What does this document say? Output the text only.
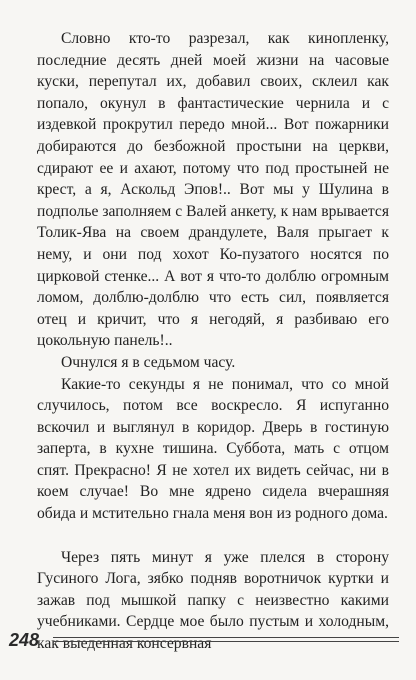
Словно кто-то разрезал, как кинопленку, последние десять дней моей жизни на часовые куски, перепутал их, добавил своих, склеил как попало, окунул в фантастические чернила и с издевкой прокрутил передо мной... Вот пожарники добираются до безбожной простыни на церкви, сдирают ее и ахают, потому что под простыней не крест, а я, Аскольд Эпов!.. Вот мы у Шулина в подполье заполняем с Валей анкету, к нам врывается Толик-Ява на своем драндулете, Валя прыгает к нему, и они под хохот Ко-пузатого носятся по цирковой стенке... А вот я что-то долблю огромным ломом, долблю-долблю что есть сил, появляется отец и кричит, что я негодяй, я разбиваю его цокольную панель!..

Очнулся я в седьмом часу.

Какие-то секунды я не понимал, что со мной случилось, потом все воскресло. Я испуганно вскочил и выглянул в коридор. Дверь в гостиную заперта, в кухне тишина. Суббота, мать с отцом спят. Прекрасно! Я не хотел их видеть сейчас, ни в коем случае! Во мне ядрено сидела вчерашняя обида и мстительно гнала меня вон из родного дома.

Через пять минут я уже плелся в сторону Гусиного Лога, зябко подняв воротничок куртки и зажав под мышкой папку с неизвестно какими учебниками. Сердце мое было пустым и холодным, как выеденная консервная

248
